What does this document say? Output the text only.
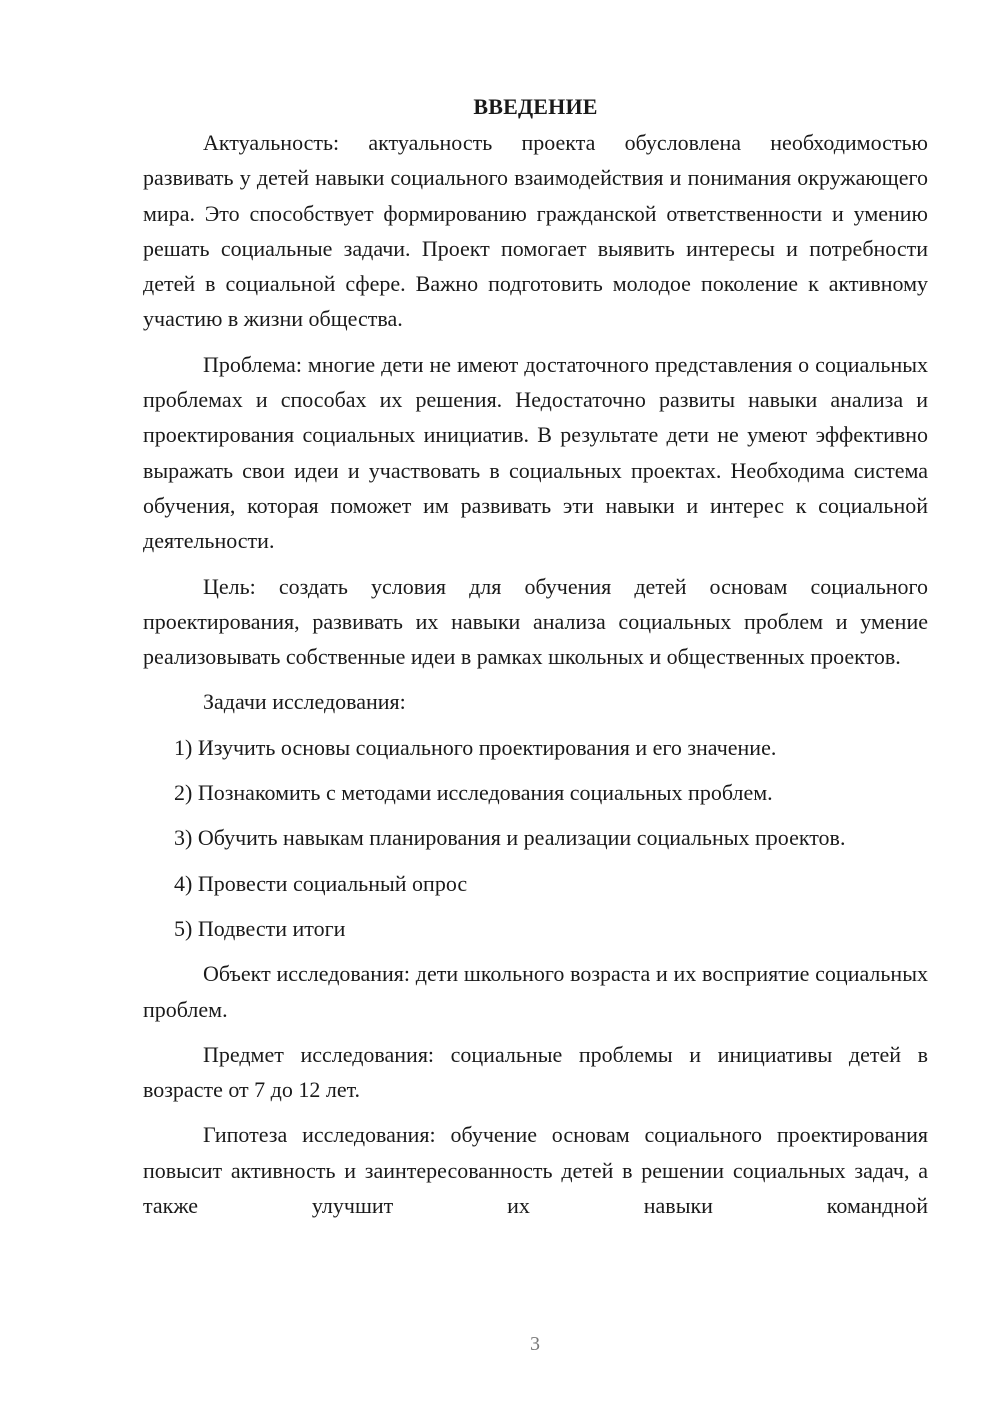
ВВЕДЕНИЕ

Актуальность: актуальность проекта обусловлена необходимостью развивать у детей навыки социального взаимодействия и понимания окружающего мира. Это способствует формированию гражданской ответственности и умению решать социальные задачи. Проект помогает выявить интересы и потребности детей в социальной сфере. Важно подготовить молодое поколение к активному участию в жизни общества.

Проблема: многие дети не имеют достаточного представления о социальных проблемах и способах их решения. Недостаточно развиты навыки анализа и проектирования социальных инициатив. В результате дети не умеют эффективно выражать свои идеи и участвовать в социальных проектах. Необходима система обучения, которая поможет им развивать эти навыки и интерес к социальной деятельности.

Цель: создать условия для обучения детей основам социального проектирования, развивать их навыки анализа социальных проблем и умение реализовывать собственные идеи в рамках школьных и общественных проектов.

Задачи исследования:

1) Изучить основы социального проектирования и его значение.

2) Познакомить с методами исследования социальных проблем.

3) Обучить навыкам планирования и реализации социальных проектов.

4) Провести социальный опрос

5) Подвести итоги

Объект исследования: дети школьного возраста и их восприятие социальных проблем.

Предмет исследования: социальные проблемы и инициативы детей в возрасте от 7 до 12 лет.

Гипотеза исследования: обучение основам социального проектирования повысит активность и заинтересованность детей в решении социальных задач, а также улучшит их навыки командной

3
